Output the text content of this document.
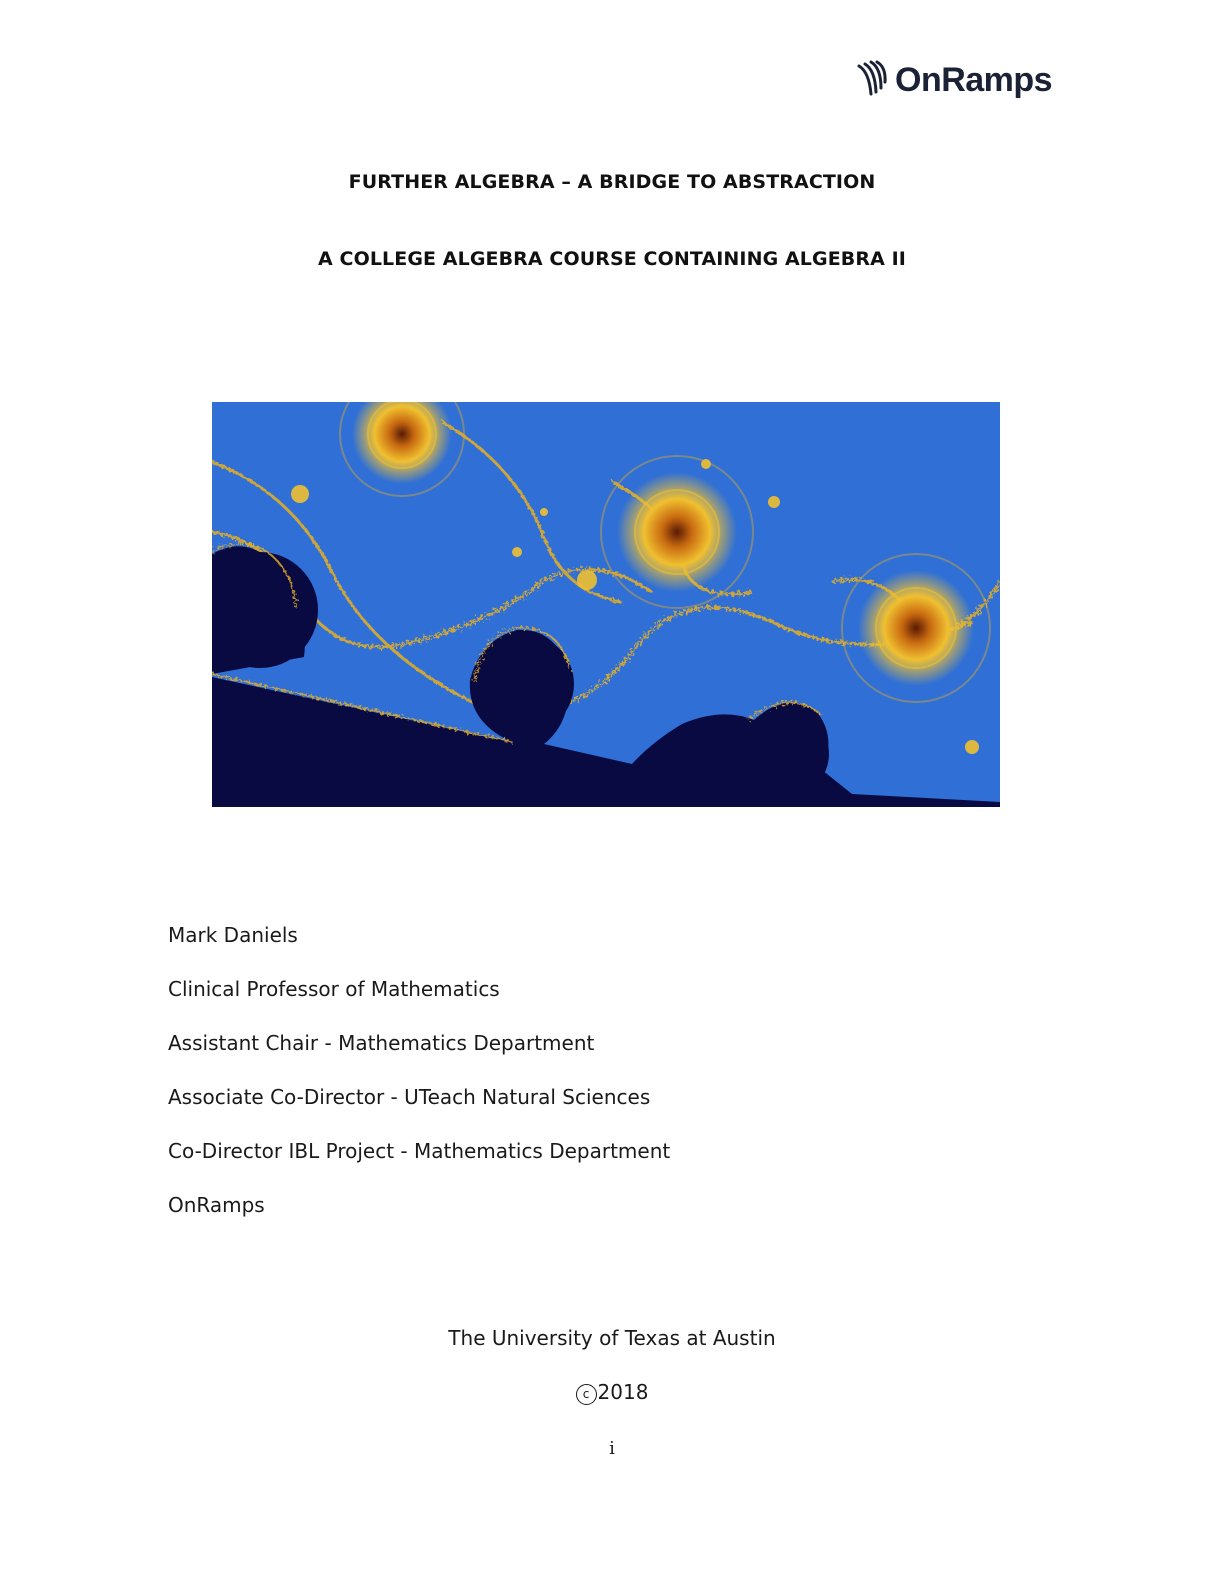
OnRamps
FURTHER ALGEBRA – A BRIDGE TO ABSTRACTION
A COLLEGE ALGEBRA COURSE CONTAINING ALGEBRA II
Mark Daniels
Clinical Professor of Mathematics
Assistant Chair - Mathematics Department
Associate Co-Director - UTeach Natural Sciences
Co-Director IBL Project - Mathematics Department
OnRamps
The University of Texas at Austin
c 2018
i
